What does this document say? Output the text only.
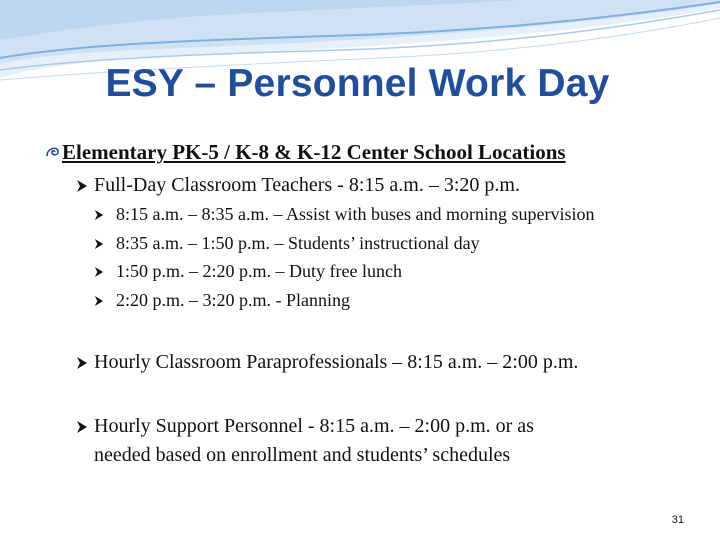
ESY – Personnel Work Day
Elementary PK-5 / K-8 & K-12 Center School Locations
Full-Day Classroom Teachers - 8:15 a.m. – 3:20 p.m.
8:15 a.m. – 8:35 a.m. – Assist with buses and morning supervision
8:35 a.m. – 1:50 p.m. – Students’ instructional day
1:50 p.m. – 2:20 p.m. – Duty free lunch
2:20 p.m. – 3:20 p.m. - Planning
Hourly Classroom Paraprofessionals – 8:15 a.m. – 2:00 p.m.
Hourly Support Personnel - 8:15 a.m. – 2:00 p.m. or as
needed based on enrollment and students’ schedules
31
